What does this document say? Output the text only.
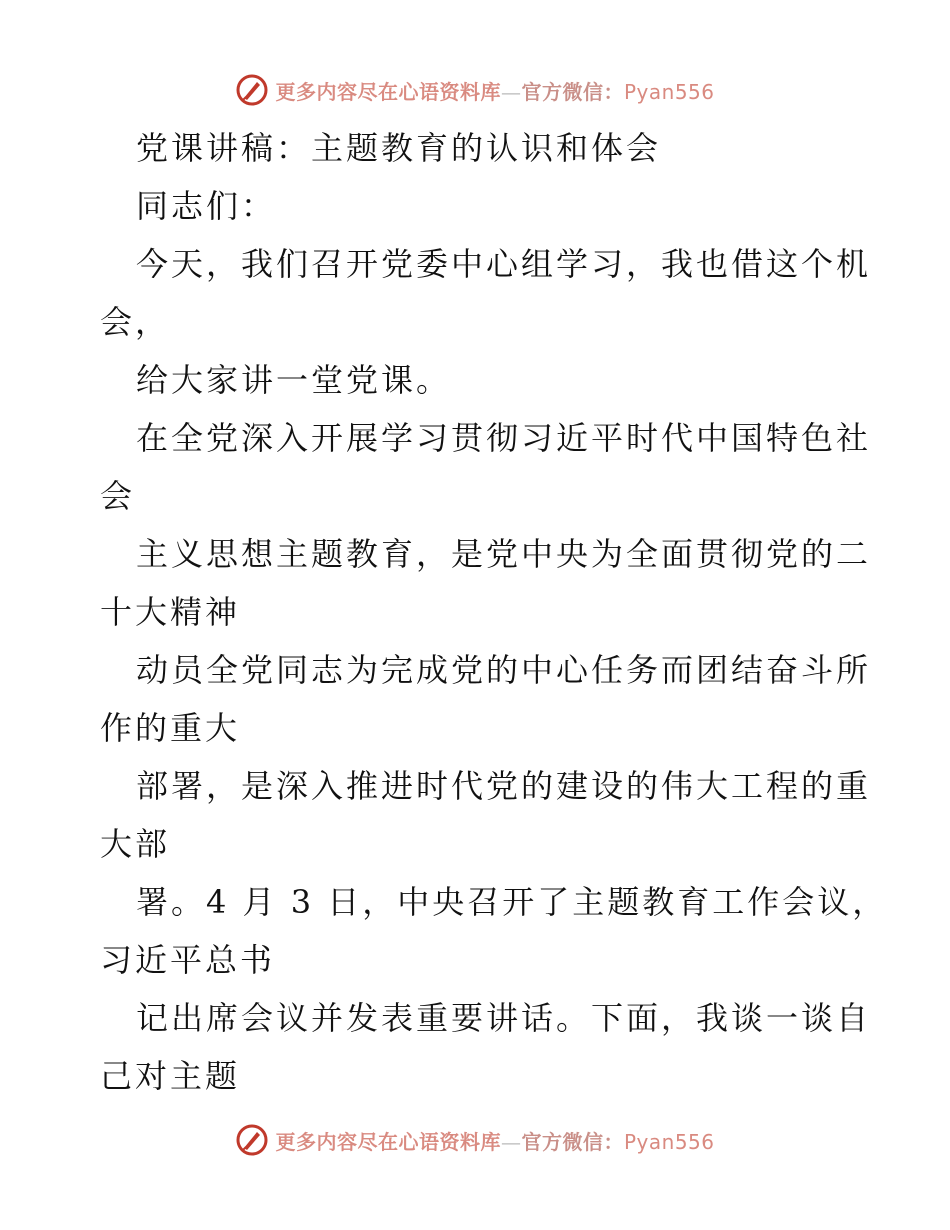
更多内容尽在心语资料库—官方微信：Pyan556
党课讲稿：主题教育的认识和体会
同志们：
今天，我们召开党委中心组学习，我也借这个机
会，
给大家讲一堂党课。
在全党深入开展学习贯彻习近平时代中国特色社
会
主义思想主题教育，是党中央为全面贯彻党的二
十大精神
动员全党同志为完成党的中心任务而团结奋斗所
作的重大
部署，是深入推进时代党的建设的伟大工程的重
大部
署。4 月 3 日，中央召开了主题教育工作会议，
习近平总书
记出席会议并发表重要讲话。下面，我谈一谈自
己对主题
更多内容尽在心语资料库—官方微信：Pyan556
